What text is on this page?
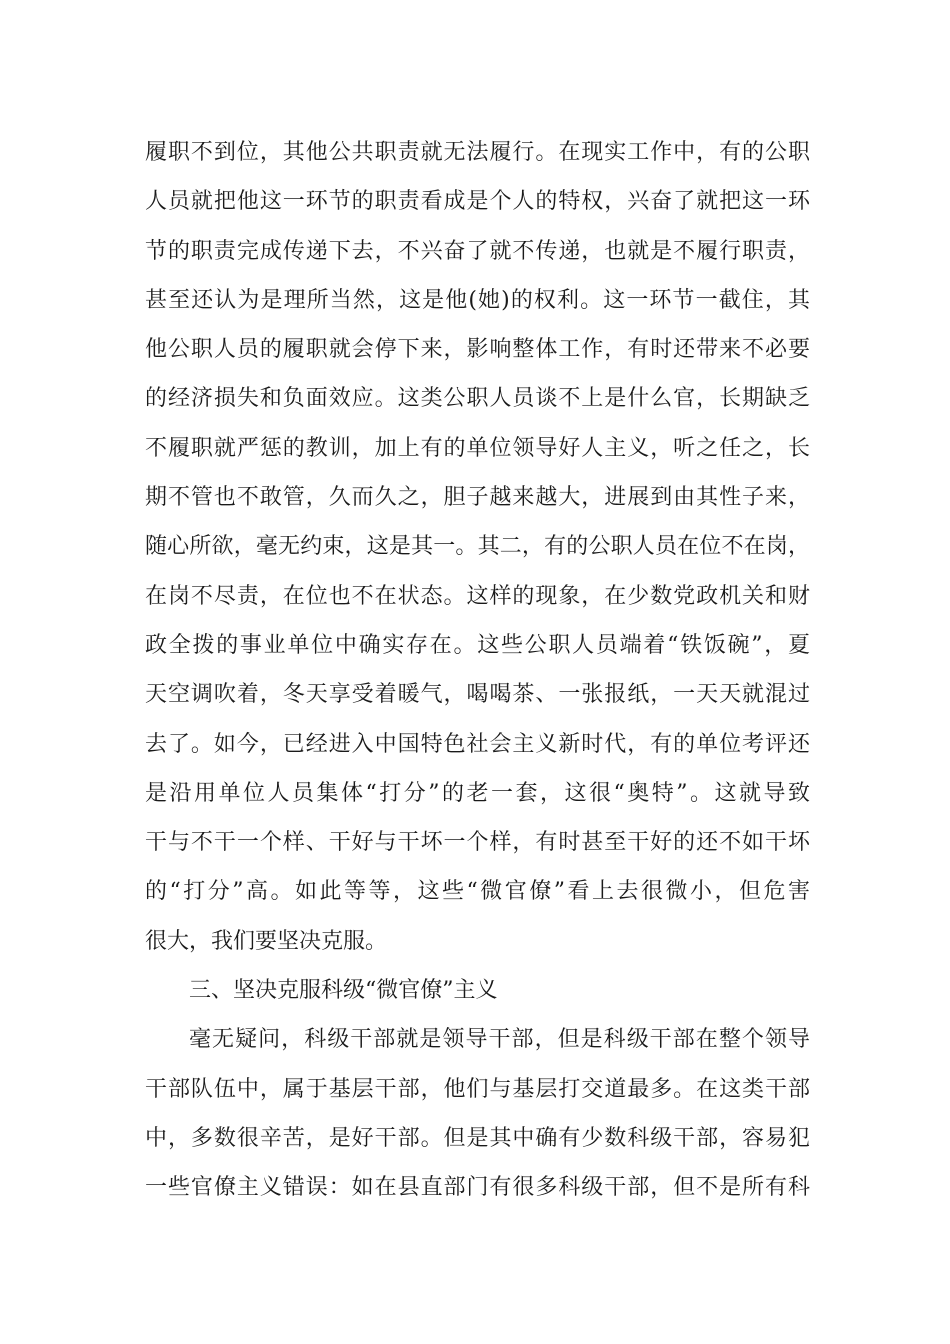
履职不到位，其他公共职责就无法履行。在现实工作中，有的公职
人员就把他这一环节的职责看成是个人的特权，兴奋了就把这一环
节的职责完成传递下去，不兴奋了就不传递，也就是不履行职责，
甚至还认为是理所当然，这是他(她)的权利。这一环节一截住，其
他公职人员的履职就会停下来，影响整体工作，有时还带来不必要
的经济损失和负面效应。这类公职人员谈不上是什么官，长期缺乏
不履职就严惩的教训，加上有的单位领导好人主义，听之任之，长
期不管也不敢管，久而久之，胆子越来越大，进展到由其性子来，
随心所欲，毫无约束，这是其一。其二，有的公职人员在位不在岗，
在岗不尽责，在位也不在状态。这样的现象，在少数党政机关和财
政全拨的事业单位中确实存在。这些公职人员端着“铁饭碗”，夏
天空调吹着，冬天享受着暖气，喝喝茶、一张报纸，一天天就混过
去了。如今，已经进入中国特色社会主义新时代，有的单位考评还
是沿用单位人员集体“打分”的老一套，这很“奥特”。这就导致
干与不干一个样、干好与干坏一个样，有时甚至干好的还不如干坏
的“打分”高。如此等等，这些“微官僚”看上去很微小，但危害
很大，我们要坚决克服。
三、坚决克服科级“微官僚”主义
毫无疑问，科级干部就是领导干部，但是科级干部在整个领导
干部队伍中，属于基层干部，他们与基层打交道最多。在这类干部
中，多数很辛苦，是好干部。但是其中确有少数科级干部，容易犯
一些官僚主义错误：如在县直部门有很多科级干部，但不是所有科
